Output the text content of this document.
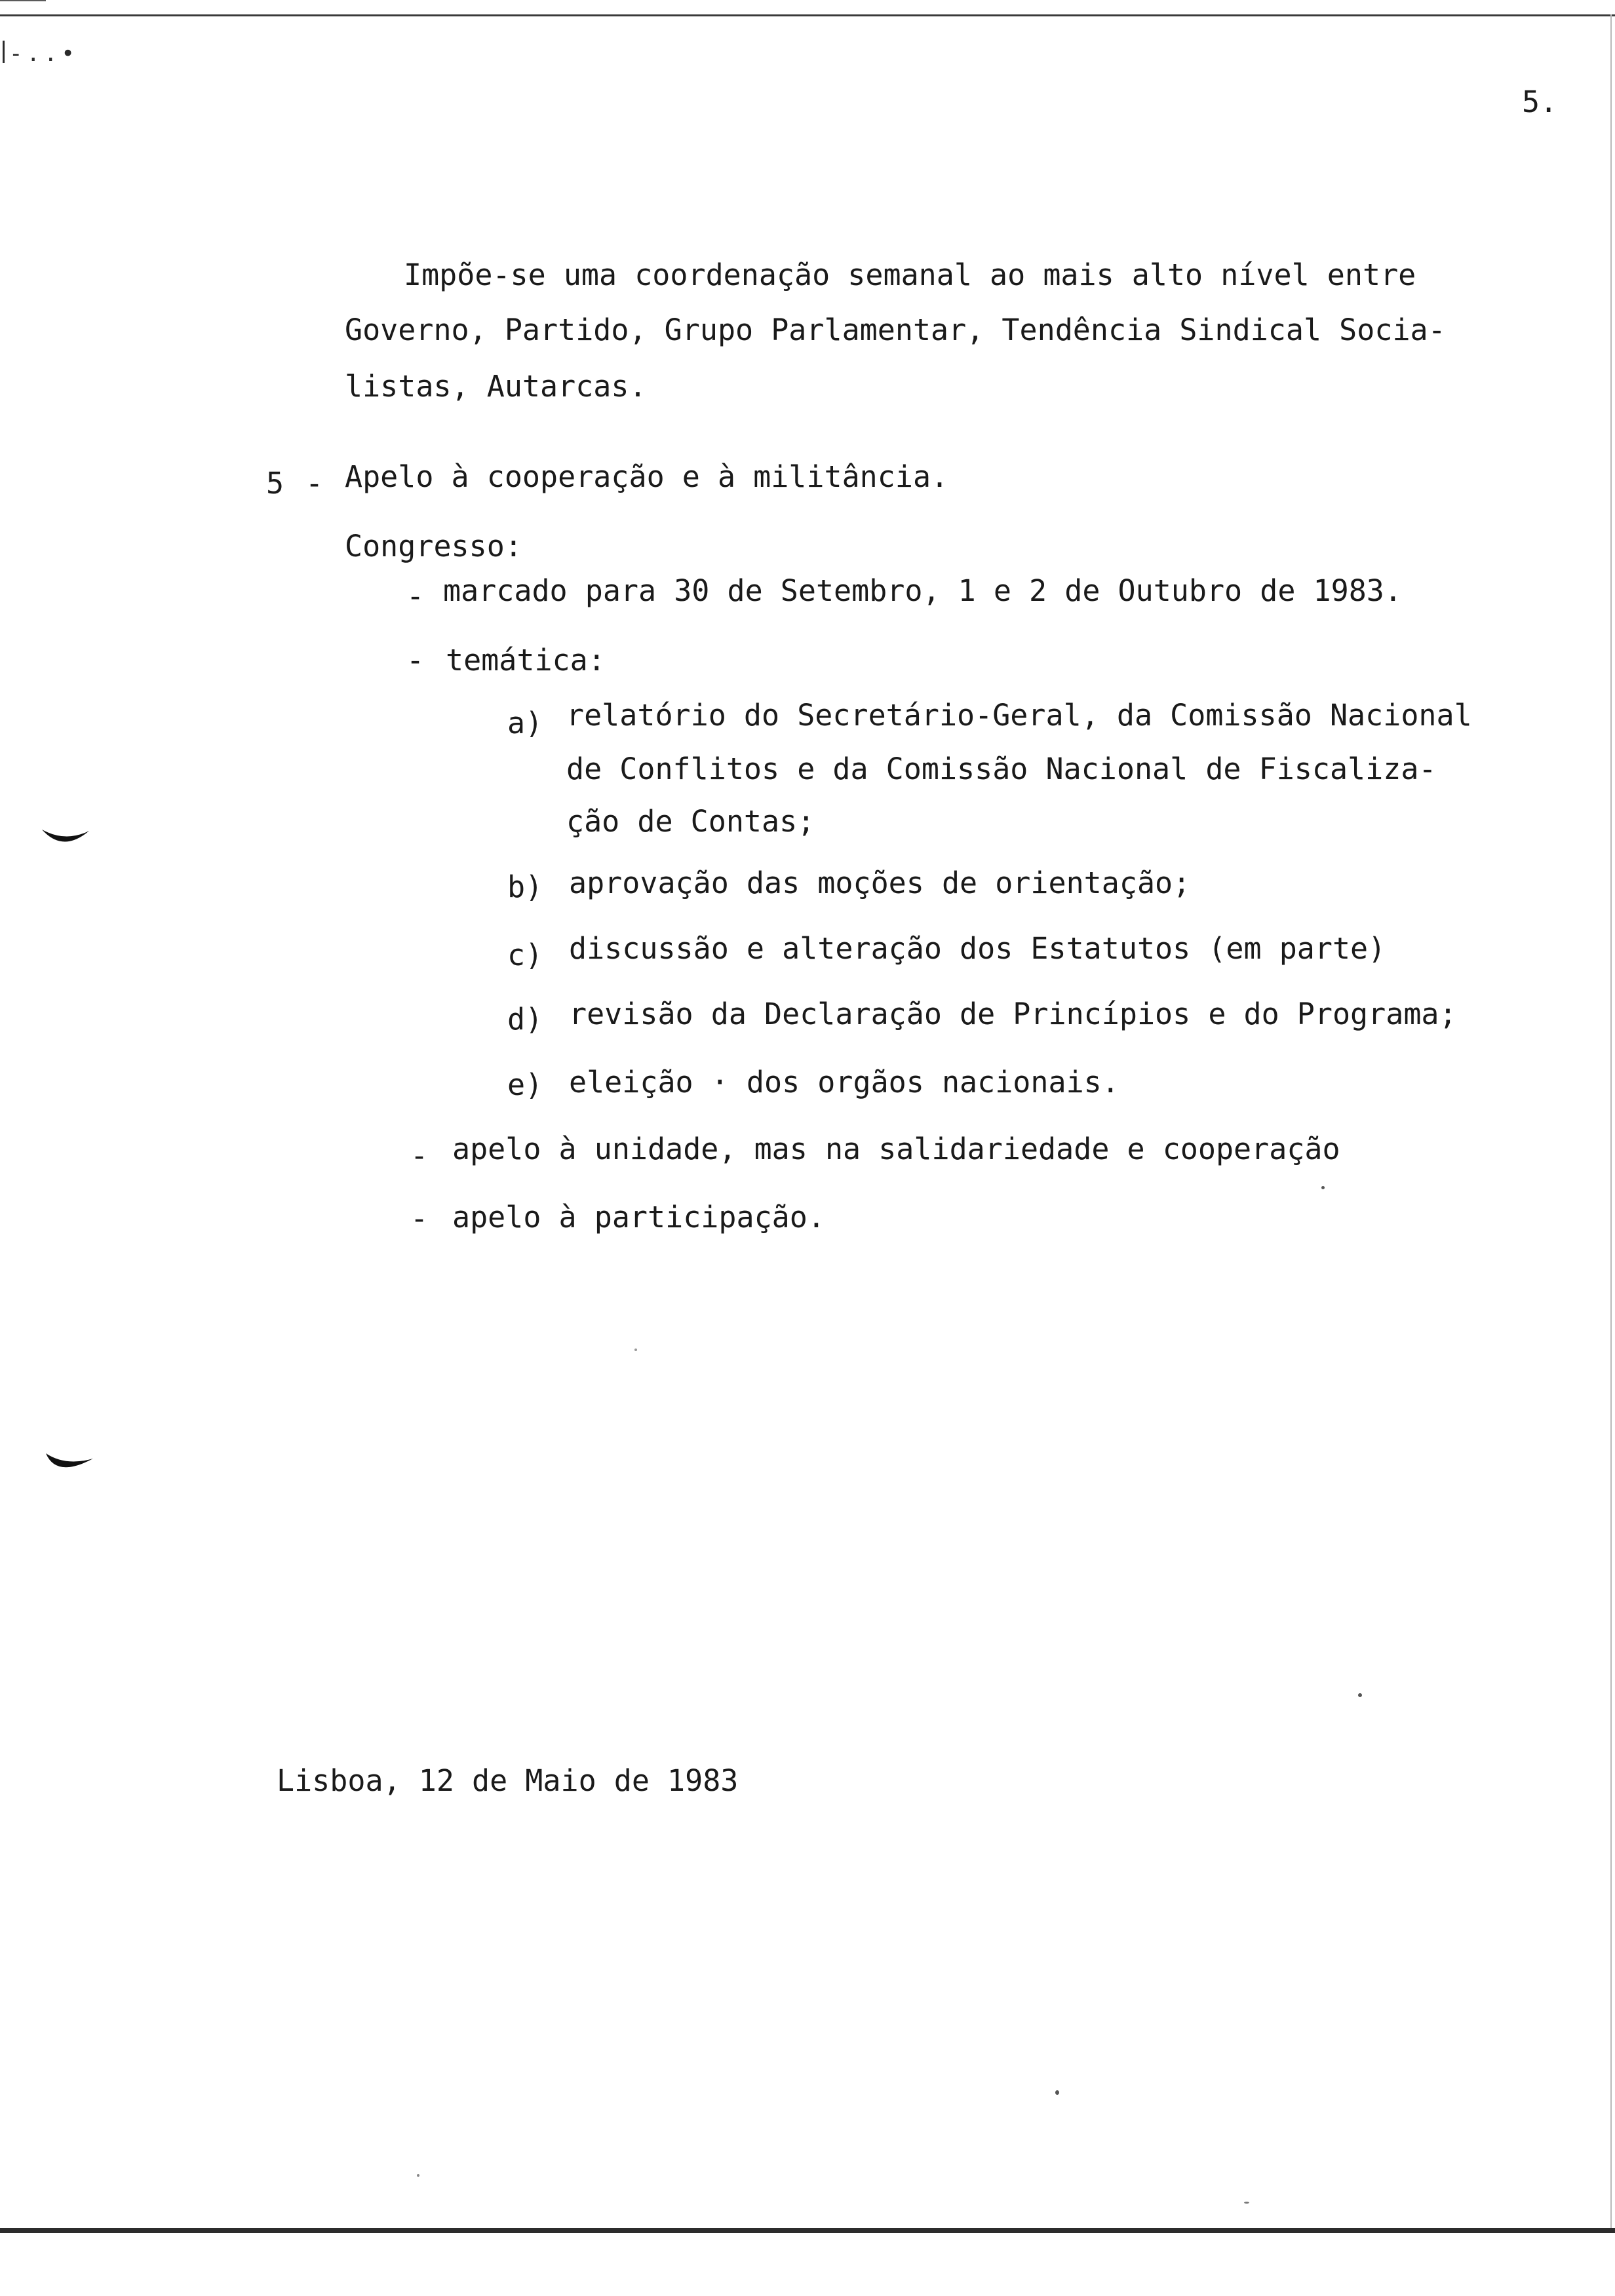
-..•
5.
Impõe-se uma coordenação semanal ao mais alto nível entre
Governo, Partido, Grupo Parlamentar, Tendência Sindical Socia-
listas, Autarcas.
5 - Apelo à cooperação e à militância.
Congresso:
- marcado para 30 de Setembro, 1 e 2 de Outubro de 1983.
- temática:
a) relatório do Secretário-Geral, da Comissão Nacional
de Conflitos e da Comissão Nacional de Fiscaliza-
ção de Contas;
b) aprovação das moções de orientação;
c) discussão e alteração dos Estatutos (em parte)
d) revisão da Declaração de Princípios e do Programa;
e) eleição · dos orgãos nacionais.
- apelo à unidade, mas na salidariedade e cooperação
- apelo à participação.
Lisboa, 12 de Maio de 1983
